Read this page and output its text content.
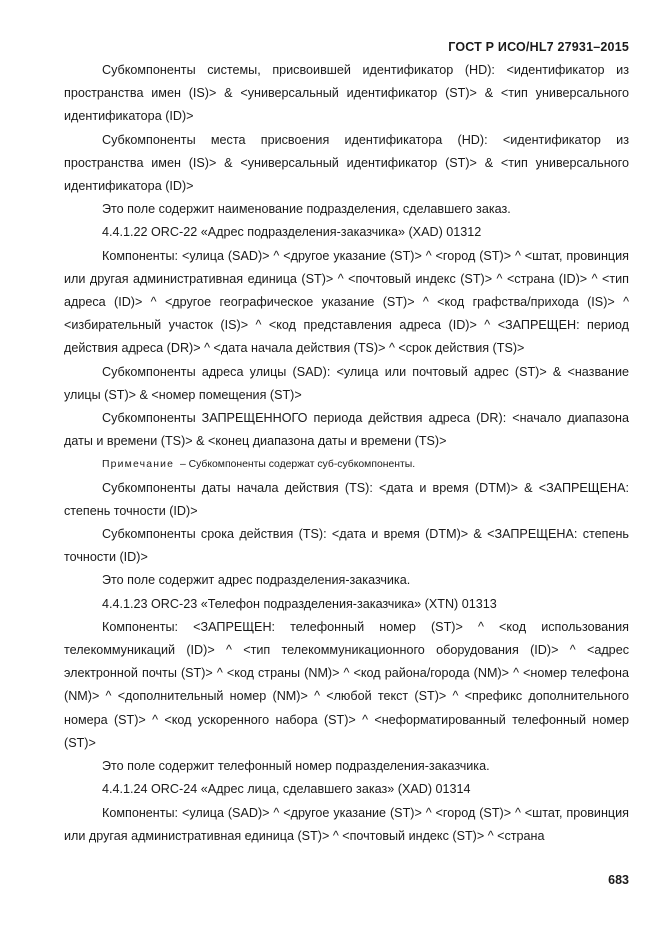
ГОСТ Р ИСО/HL7 27931–2015

Субкомпоненты системы, присвоившей идентификатор (HD): <идентификатор из пространства имен (IS)> & <универсальный идентификатор (ST)> & <тип универсального идентификатора (ID)>

Субкомпоненты места присвоения идентификатора (HD): <идентификатор из пространства имен (IS)> & <универсальный идентификатор (ST)> & <тип универсального идентификатора (ID)>

Это поле содержит наименование подразделения, сделавшего заказ.

4.4.1.22 ORC-22 «Адрес подразделения-заказчика» (XAD) 01312

Компоненты: <улица (SAD)> ^ <другое указание (ST)> ^ <город (ST)> ^ <штат, провинция или другая административная единица (ST)> ^ <почтовый индекс (ST)> ^ <страна (ID)> ^ <тип адреса (ID)> ^ <другое географическое указание (ST)> ^ <код графства/прихода (IS)> ^ <избирательный участок (IS)> ^ <код представления адреса (ID)> ^ <ЗАПРЕЩЕН: период действия адреса (DR)> ^ <дата начала действия (TS)> ^ <срок действия (TS)>

Субкомпоненты адреса улицы (SAD): <улица или почтовый адрес (ST)> & <название улицы (ST)> & <номер помещения (ST)>

Субкомпоненты ЗАПРЕЩЕННОГО периода действия адреса (DR): <начало диапазона даты и времени (TS)> & <конец диапазона даты и времени (TS)>

Примечание – Субкомпоненты содержат суб-субкомпоненты.

Субкомпоненты даты начала действия (TS): <дата и время (DTM)> & <ЗАПРЕЩЕНА: степень точности (ID)>

Субкомпоненты срока действия (TS): <дата и время (DTM)> & <ЗАПРЕЩЕНА: степень точности (ID)>

Это поле содержит адрес подразделения-заказчика.

4.4.1.23 ORC-23 «Телефон подразделения-заказчика» (XTN) 01313

Компоненты: <ЗАПРЕЩЕН: телефонный номер (ST)> ^ <код использования телекоммуникаций (ID)> ^ <тип телекоммуникационного оборудования (ID)> ^ <адрес электронной почты (ST)> ^ <код страны (NM)> ^ <код района/города (NM)> ^ <номер телефона (NM)> ^ <дополнительный номер (NM)> ^ <любой текст (ST)> ^ <префикс дополнительного номера (ST)> ^ <код ускоренного набора (ST)> ^ <неформатированный телефонный номер (ST)>

Это поле содержит телефонный номер подразделения-заказчика.

4.4.1.24 ORC-24 «Адрес лица, сделавшего заказ» (XAD) 01314

Компоненты: <улица (SAD)> ^ <другое указание (ST)> ^ <город (ST)> ^ <штат, провинция или другая административная единица (ST)> ^ <почтовый индекс (ST)> ^ <страна

683
